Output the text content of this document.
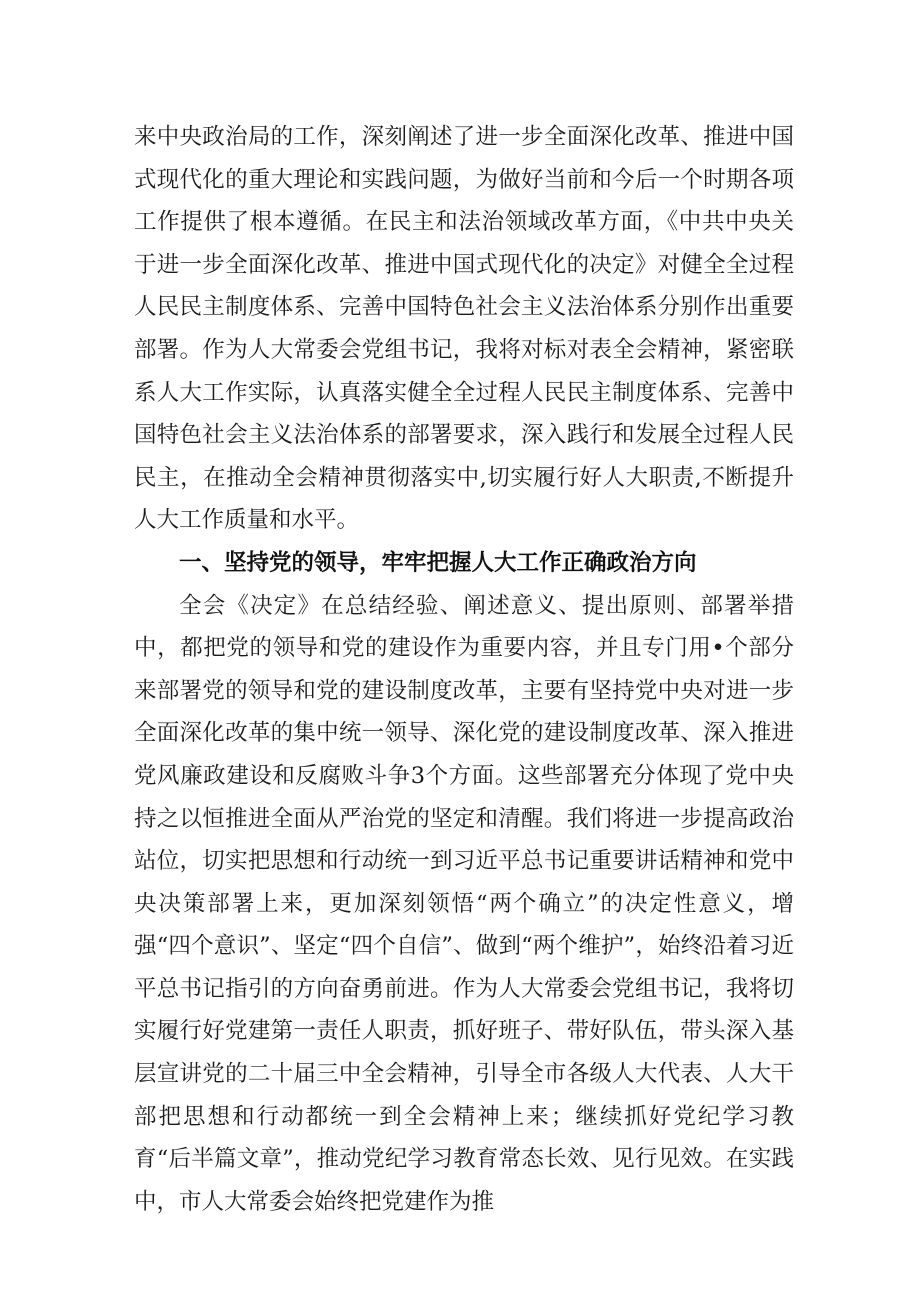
来中央政治局的工作，深刻阐述了进一步全面深化改革、推进中国式现代化的重大理论和实践问题，为做好当前和今后一个时期各项工作提供了根本遵循。在民主和法治领域改革方面，《中共中央关于进一步全面深化改革、推进中国式现代化的决定》对健全全过程人民民主制度体系、完善中国特色社会主义法治体系分别作出重要部署。作为人大常委会党组书记，我将对标对表全会精神，紧密联系人大工作实际，认真落实健全全过程人民民主制度体系、完善中国特色社会主义法治体系的部署要求，深入践行和发展全过程人民民主，在推动全会精神贯彻落实中,切实履行好人大职责,不断提升人大工作质量和水平。

一、坚持党的领导，牢牢把握人大工作正确政治方向

全会《决定》在总结经验、阐述意义、提出原则、部署举措中，都把党的领导和党的建设作为重要内容，并且专门用•个部分来部署党的领导和党的建设制度改革，主要有坚持党中央对进一步全面深化改革的集中统一领导、深化党的建设制度改革、深入推进党风廉政建设和反腐败斗争3个方面。这些部署充分体现了党中央持之以恒推进全面从严治党的坚定和清醒。我们将进一步提高政治站位，切实把思想和行动统一到习近平总书记重要讲话精神和党中央决策部署上来，更加深刻领悟“两个确立”的决定性意义，增强“四个意识”、坚定“四个自信”、做到“两个维护”，始终沿着习近平总书记指引的方向奋勇前进。作为人大常委会党组书记，我将切实履行好党建第一责任人职责，抓好班子、带好队伍，带头深入基层宣讲党的二十届三中全会精神，引导全市各级人大代表、人大干部把思想和行动都统一到全会精神上来；继续抓好党纪学习教育“后半篇文章”，推动党纪学习教育常态长效、见行见效。在实践中，市人大常委会始终把党建作为推
